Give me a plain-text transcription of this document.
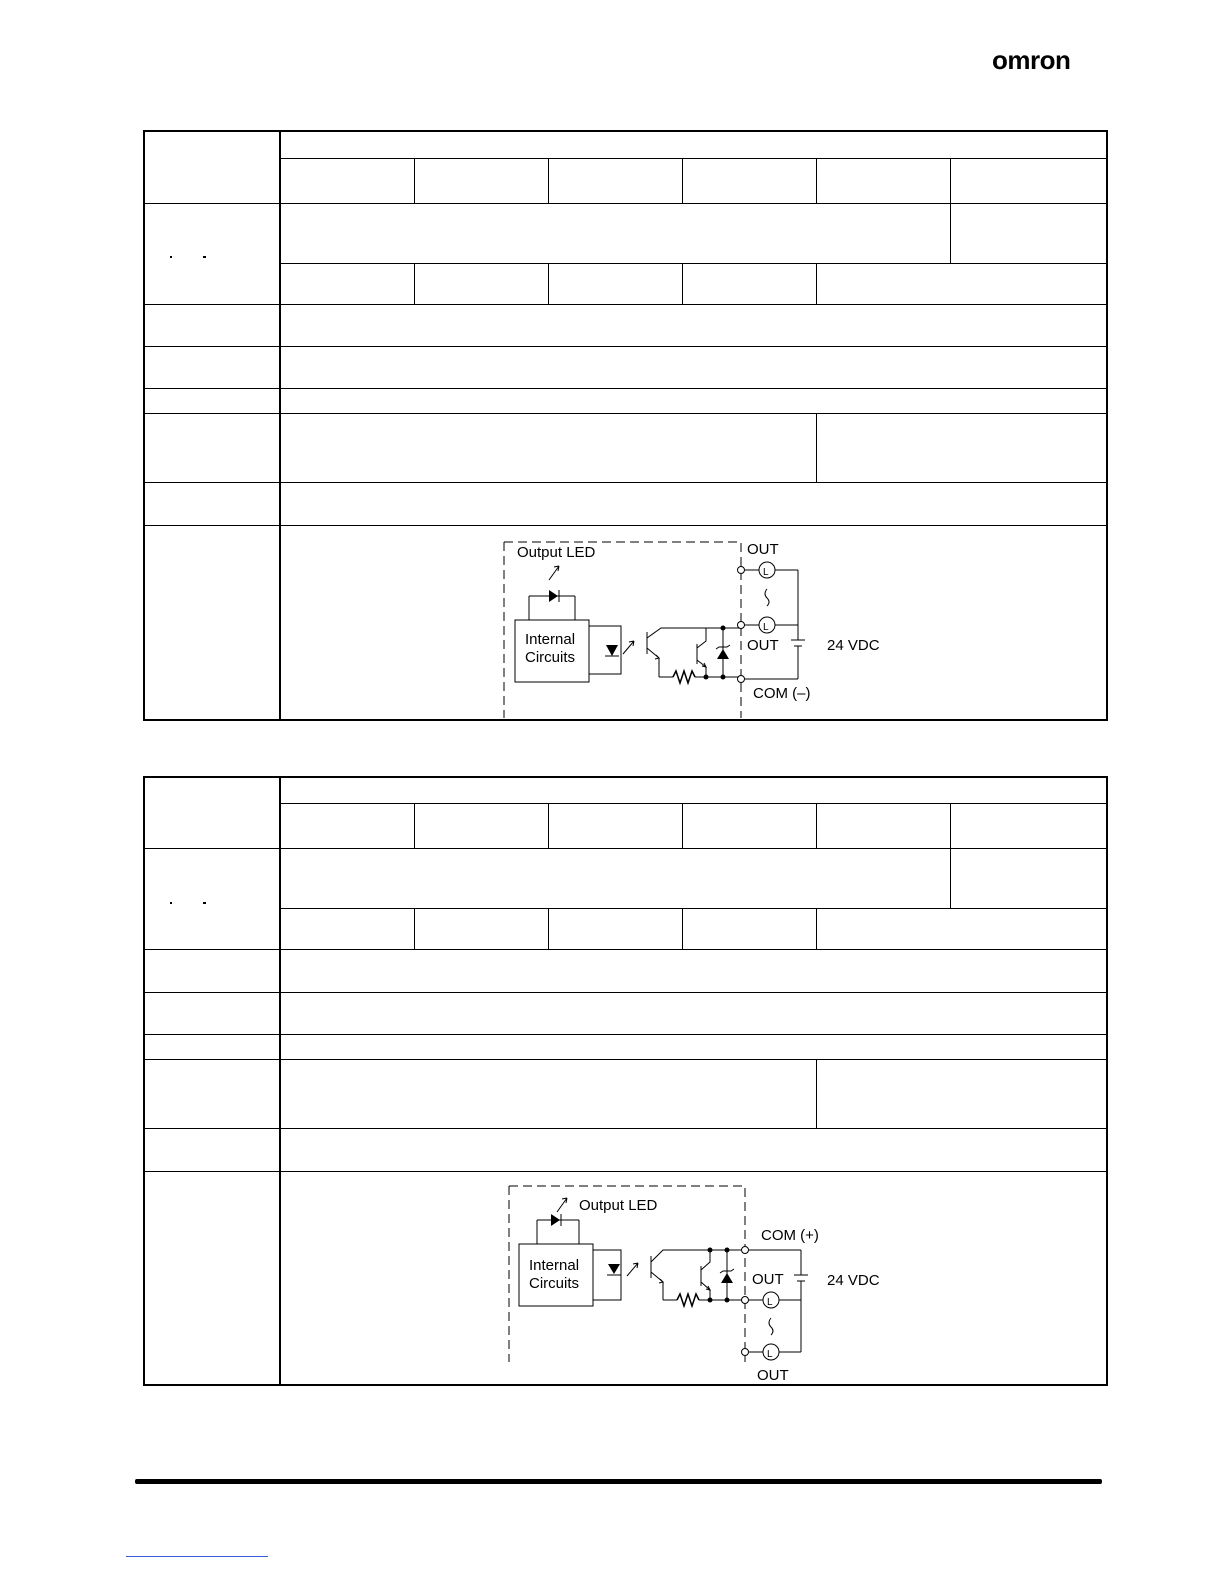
omron
Output LED
Internal
Circuits
OUT
OUT
COM (–)
L
L
24 VDC
Output LED
Internal
Circuits
COM (+)
OUT
OUT
24 VDC
L
L
